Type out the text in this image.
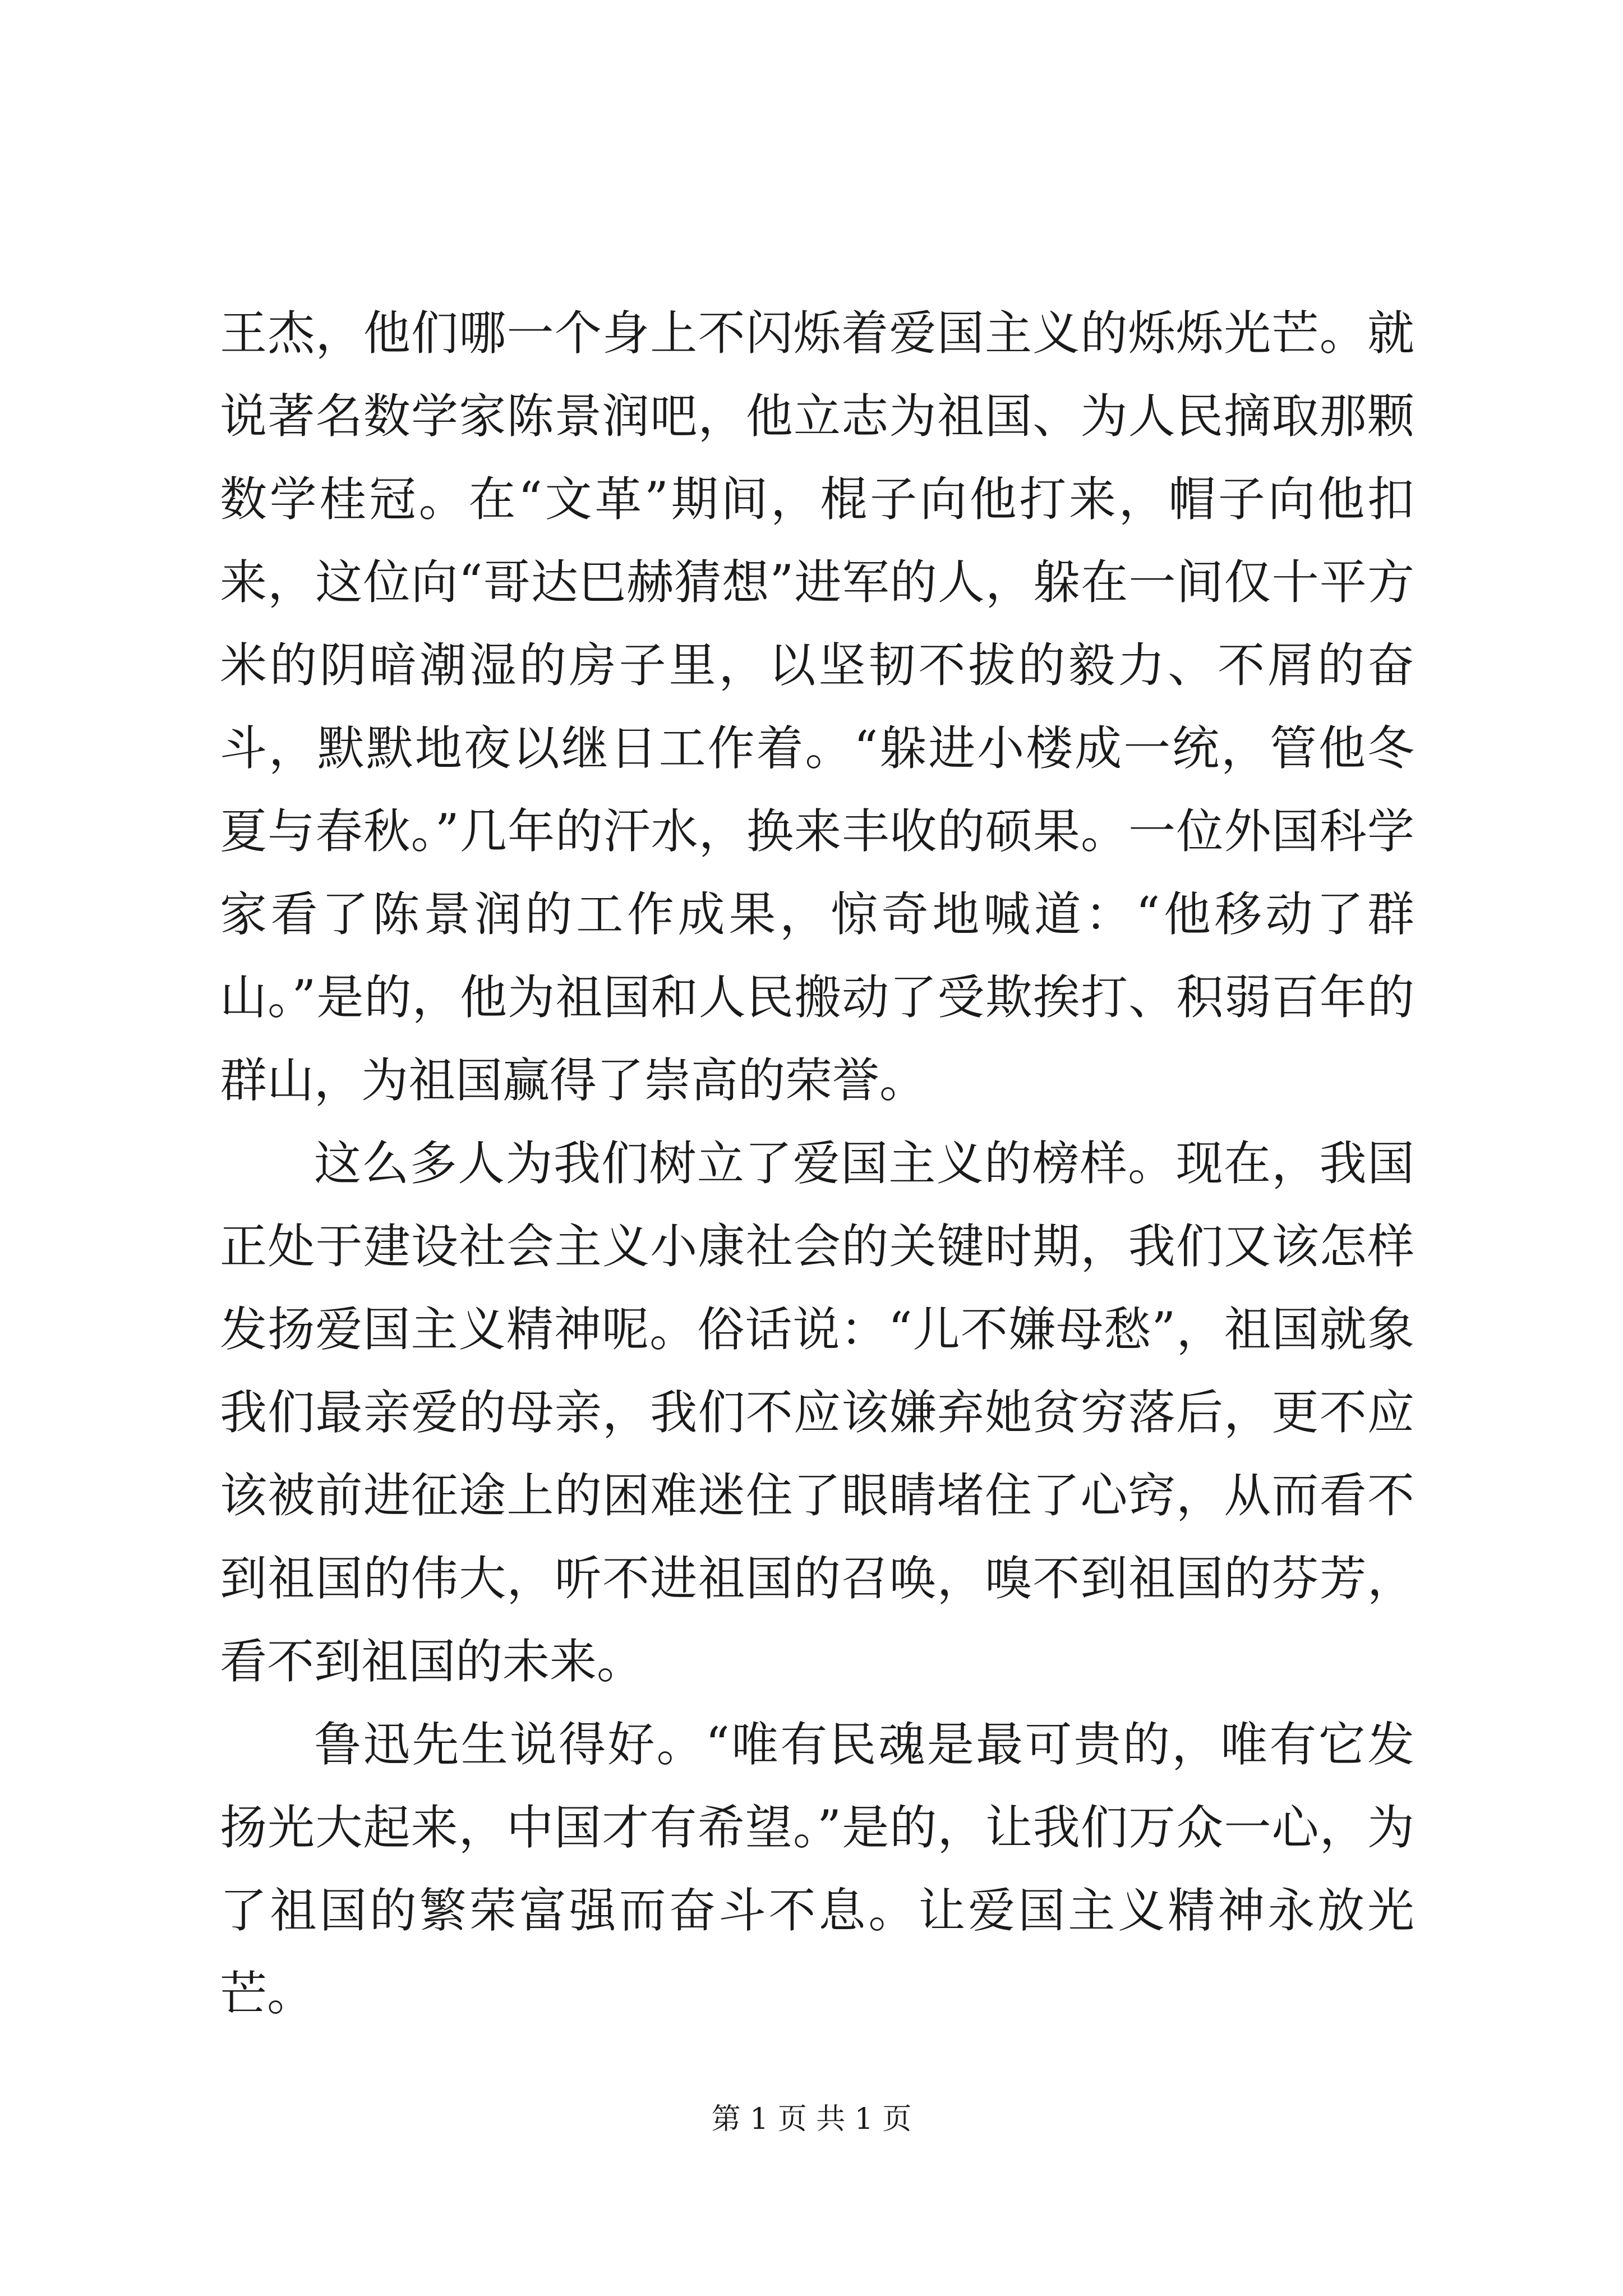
王杰，他们哪一个身上不闪烁着爱国主义的烁烁光芒。就说著名数学家陈景润吧，他立志为祖国、为人民摘取那颗数学桂冠。在“文革”期间，棍子向他打来，帽子向他扣来，这位向“哥达巴赫猜想”进军的人，躲在一间仅十平方米的阴暗潮湿的房子里，以坚韧不拔的毅力、不屑的奋斗，默默地夜以继日工作着。“躲进小楼成一统，管他冬夏与春秋。”几年的汗水，换来丰收的硕果。一位外国科学家看了陈景润的工作成果，惊奇地喊道：“他移动了群山。”是的，他为祖国和人民搬动了受欺挨打、积弱百年的群山，为祖国赢得了崇高的荣誉。

这么多人为我们树立了爱国主义的榜样。现在，我国正处于建设社会主义小康社会的关键时期，我们又该怎样发扬爱国主义精神呢。俗话说：“儿不嫌母愁”，祖国就象我们最亲爱的母亲，我们不应该嫌弃她贫穷落后，更不应该被前进征途上的困难迷住了眼睛堵住了心窍，从而看不到祖国的伟大，听不进祖国的召唤，嗅不到祖国的芬芳，看不到祖国的未来。

鲁迅先生说得好。“唯有民魂是最可贵的，唯有它发扬光大起来，中国才有希望。”是的，让我们万众一心，为了祖国的繁荣富强而奋斗不息。让爱国主义精神永放光芒。

第 1 页 共 1 页
